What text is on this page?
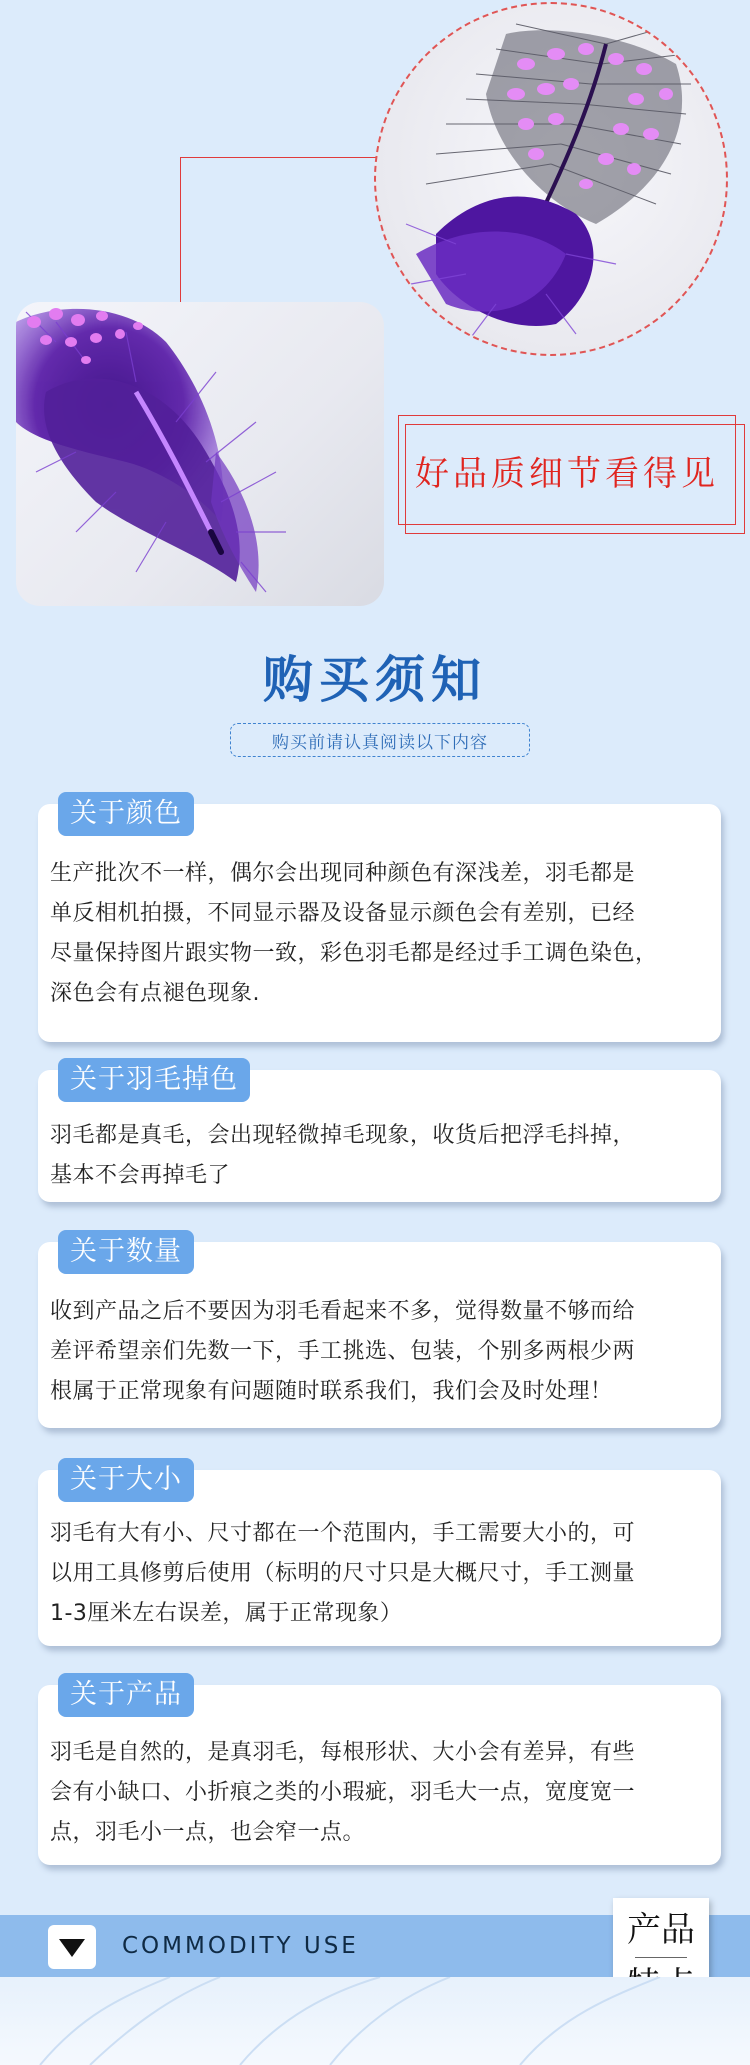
好品质细节看得见
购买须知
购买前请认真阅读以下内容
关于颜色
生产批次不一样，偶尔会出现同种颜色有深浅差，羽毛都是
单反相机拍摄，不同显示器及设备显示颜色会有差别，已经
尽量保持图片跟实物一致，彩色羽毛都是经过手工调色染色，
深色会有点褪色现象.
关于羽毛掉色
羽毛都是真毛，会出现轻微掉毛现象，收货后把浮毛抖掉，
基本不会再掉毛了
关于数量
收到产品之后不要因为羽毛看起来不多，觉得数量不够而给
差评希望亲们先数一下，手工挑选、包装，个别多两根少两
根属于正常现象有问题随时联系我们，我们会及时处理！
关于大小
羽毛有大有小、尺寸都在一个范围内，手工需要大小的，可
以用工具修剪后使用（标明的尺寸只是大概尺寸，手工测量
1-3厘米左右误差，属于正常现象）
关于产品
羽毛是自然的，是真羽毛，每根形状、大小会有差异，有些
会有小缺口、小折痕之类的小瑕疵，羽毛大一点，宽度宽一
点，羽毛小一点，也会窄一点。
COMMODITY USE	产品
